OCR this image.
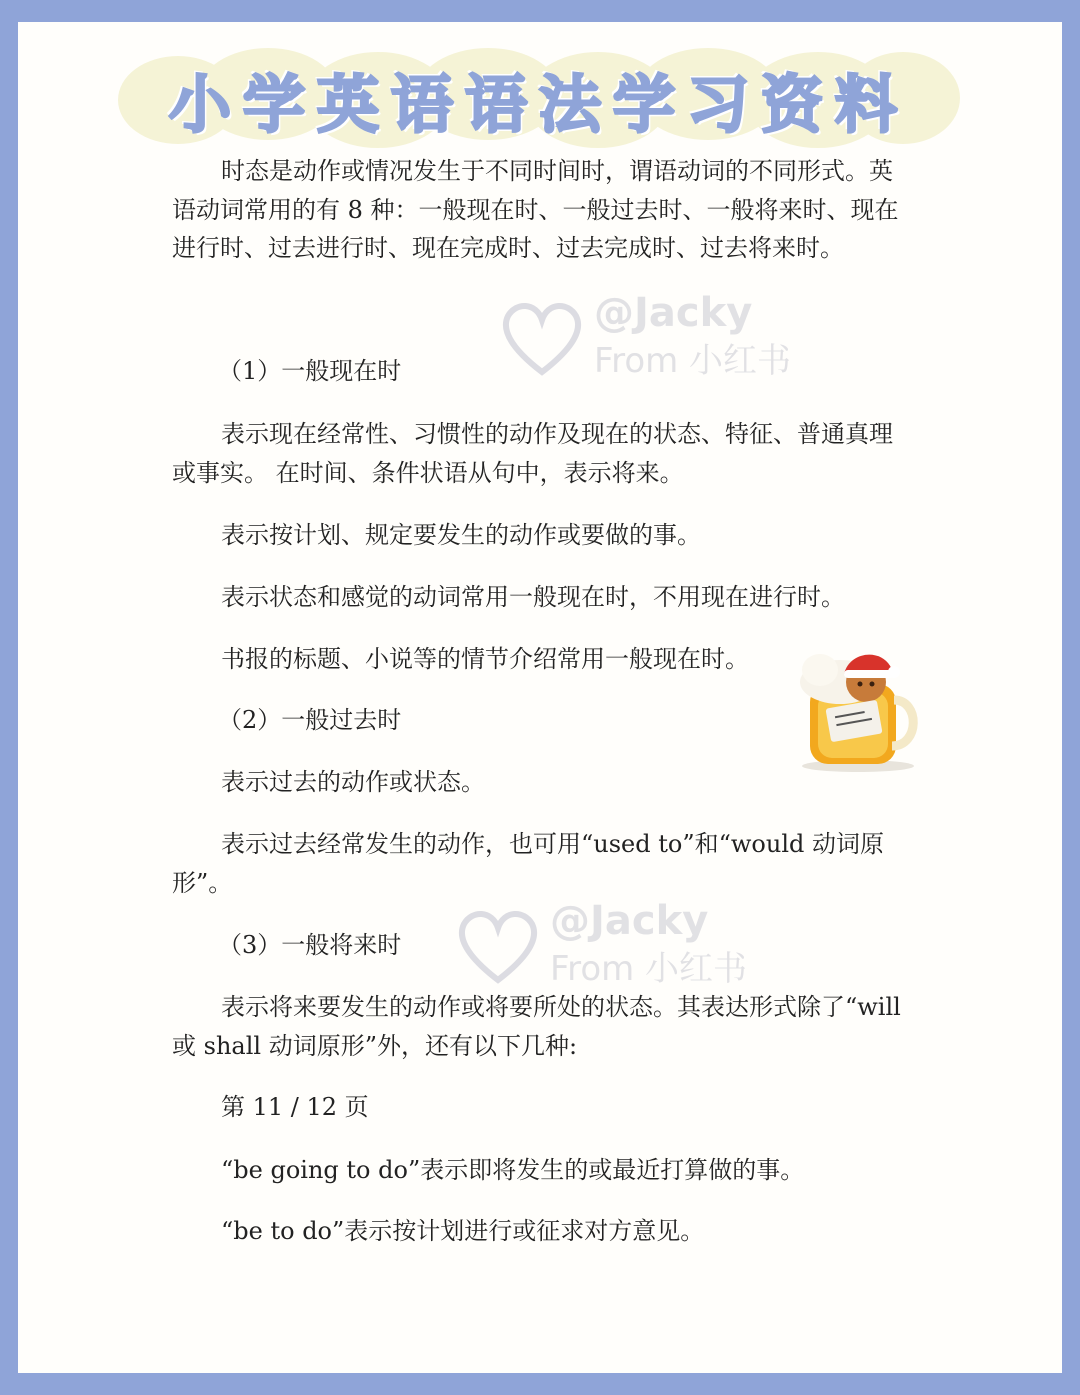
小学英语语法学习资料
@Jacky
From 小红书
@Jacky
From 小红书

时态是动作或情况发生于不同时间时，谓语动词的不同形式。英语动词常用的有 8 种：一般现在时、一般过去时、一般将来时、现在进行时、过去进行时、现在完成时、过去完成时、过去将来时。

（1）一般现在时

表示现在经常性、习惯性的动作及现在的状态、特征、普通真理或事实。 在时间、条件状语从句中，表示将来。

表示按计划、规定要发生的动作或要做的事。

表示状态和感觉的动词常用一般现在时，不用现在进行时。

书报的标题、小说等的情节介绍常用一般现在时。

（2）一般过去时

表示过去的动作或状态。

表示过去经常发生的动作，也可用“used to”和“would 动词原形”。

（3）一般将来时

表示将来要发生的动作或将要所处的状态。其表达形式除了“will 或 shall 动词原形”外，还有以下几种:

第 11 / 12 页

“be going to do”表示即将发生的或最近打算做的事。

“be to do”表示按计划进行或征求对方意见。
